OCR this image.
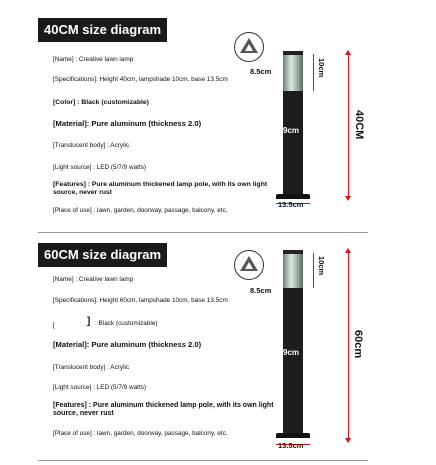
40CM size diagram
[Name] : Creative lawn lamp
[Specifications]: Height 40cm, lampshade 10cm, base 13.5cm
[Color] : Black (customizable)
[Material]: Pure aluminum (thickness 2.0)
[Translucent body] : Acrylic
[Light source] : LED (5/7/9 watts)
[Features] : Pure aluminum thickened lamp pole, with its own light source, never rust
[Place of use] : lawn, garden, doorway, passage, balcony, etc.
8.5cm
9cm
10cm
40CM
13.5cm
60CM size diagram
[Name] : Creative lawn lamp
[Specifications]: Height 60cm, lampshade 10cm, base 13.5cm
[	] : Black (customizable)
[Material]: Pure aluminum (thickness 2.0)
[Translucent body] : Acrylic
[Light source] : LED (5/7/9 watts)
[Features] : Pure aluminum thickened lamp pole, with its own light source, never rust
[Place of use] : lawn, garden, doorway, passage, balcony, etc.
8.5cm
9cm
10cm
60cm
13.5cm
